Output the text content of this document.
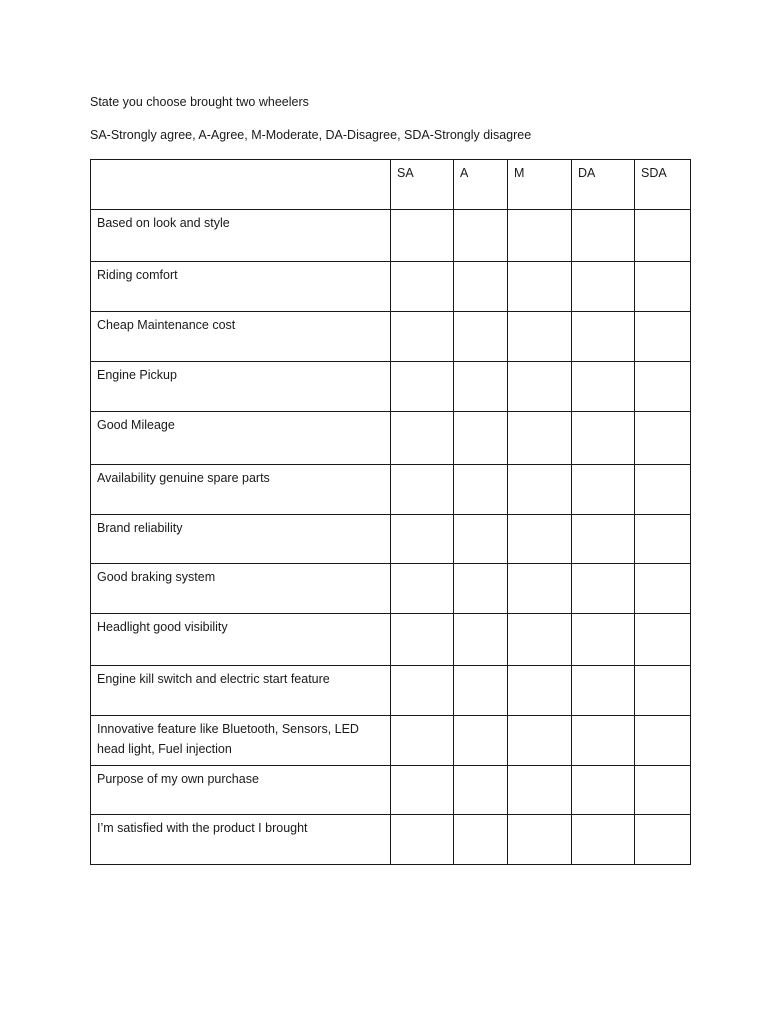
State you choose brought two wheelers
SA-Strongly agree, A-Agree, M-Moderate, DA-Disagree, SDA-Strongly disagree
	SA	A	M	DA	SDA
Based on look and style					
Riding comfort					
Cheap Maintenance cost					
Engine Pickup					
Good Mileage					
Availability genuine spare parts					
Brand reliability					
Good braking system					
Headlight good visibility					
Engine kill switch and electric start feature					
Innovative feature like Bluetooth, Sensors, LED head light, Fuel injection					
Purpose of my own purchase					
I’m satisfied with the product I brought					
